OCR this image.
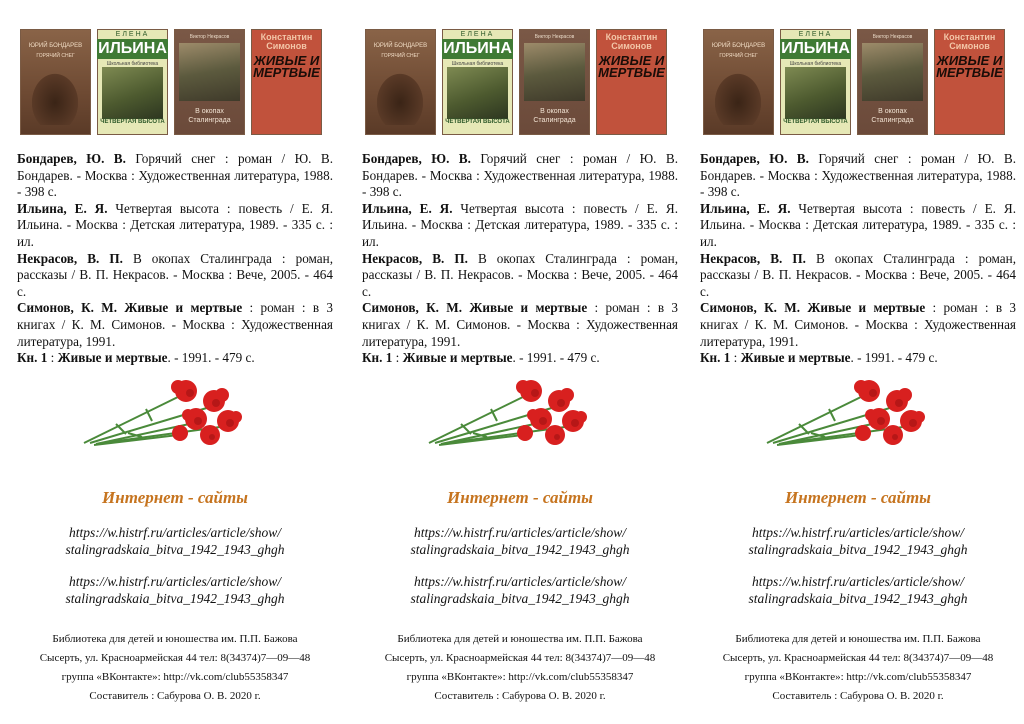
ЮРИЙ БОНДАРЕВ
ГОРЯЧИЙ СНЕГ
ЕЛЕНА
ИЛЬИНА
Школьная библиотека
ЧЕТВЕРТАЯ ВЫСОТА
Виктор Некрасов
В окопах Сталинграда
Константин Симонов
ЖИВЫЕ И МЕРТВЫЕ

Бондарев, Ю. В. Горячий снег : роман / Ю. В. Бондарев. - Москва : Художественная литература, 1988. - 398 с.

Ильина, Е. Я. Четвертая высота : повесть / Е. Я. Ильина. - Москва : Детская литература, 1989. - 335 с. : ил.

Некрасов, В. П. В окопах Сталинграда : роман, рассказы / В. П. Некрасов. - Москва : Вече, 2005. - 464 с.

Симонов, К. М. Живые и мертвые : роман : в 3 книгах / К. М. Симонов. - Москва : Художественная литература, 1991.

Кн. 1 : Живые и мертвые. - 1991. - 479 с.

Интернет - сайты
https://w.histrf.ru/articles/article/show/
stalingradskaia_bitva_1942_1943_ghgh
https://w.histrf.ru/articles/article/show/
stalingradskaia_bitva_1942_1943_ghgh
Библиотека для детей и юношества им. П.П. Бажова
Сысерть, ул. Красноармейская 44 тел: 8(34374)7—09—48
группа «ВКонтакте»: http://vk.com/club55358347
Составитель : Сабурова О. В. 2020 г.
ЮРИЙ БОНДАРЕВ
ГОРЯЧИЙ СНЕГ
ЕЛЕНА
ИЛЬИНА
Школьная библиотека
ЧЕТВЕРТАЯ ВЫСОТА
Виктор Некрасов
В окопах Сталинграда
Константин Симонов
ЖИВЫЕ И МЕРТВЫЕ

Бондарев, Ю. В. Горячий снег : роман / Ю. В. Бондарев. - Москва : Художественная литература, 1988. - 398 с.

Ильина, Е. Я. Четвертая высота : повесть / Е. Я. Ильина. - Москва : Детская литература, 1989. - 335 с. : ил.

Некрасов, В. П. В окопах Сталинграда : роман, рассказы / В. П. Некрасов. - Москва : Вече, 2005. - 464 с.

Симонов, К. М. Живые и мертвые : роман : в 3 книгах / К. М. Симонов. - Москва : Художественная литература, 1991.

Кн. 1 : Живые и мертвые. - 1991. - 479 с.

Интернет - сайты
https://w.histrf.ru/articles/article/show/
stalingradskaia_bitva_1942_1943_ghgh
https://w.histrf.ru/articles/article/show/
stalingradskaia_bitva_1942_1943_ghgh
Библиотека для детей и юношества им. П.П. Бажова
Сысерть, ул. Красноармейская 44 тел: 8(34374)7—09—48
группа «ВКонтакте»: http://vk.com/club55358347
Составитель : Сабурова О. В. 2020 г.
ЮРИЙ БОНДАРЕВ
ГОРЯЧИЙ СНЕГ
ЕЛЕНА
ИЛЬИНА
Школьная библиотека
ЧЕТВЕРТАЯ ВЫСОТА
Виктор Некрасов
В окопах Сталинграда
Константин Симонов
ЖИВЫЕ И МЕРТВЫЕ

Бондарев, Ю. В. Горячий снег : роман / Ю. В. Бондарев. - Москва : Художественная литература, 1988. - 398 с.

Ильина, Е. Я. Четвертая высота : повесть / Е. Я. Ильина. - Москва : Детская литература, 1989. - 335 с. : ил.

Некрасов, В. П. В окопах Сталинграда : роман, рассказы / В. П. Некрасов. - Москва : Вече, 2005. - 464 с.

Симонов, К. М. Живые и мертвые : роман : в 3 книгах / К. М. Симонов. - Москва : Художественная литература, 1991.

Кн. 1 : Живые и мертвые. - 1991. - 479 с.

Интернет - сайты
https://w.histrf.ru/articles/article/show/
stalingradskaia_bitva_1942_1943_ghgh
https://w.histrf.ru/articles/article/show/
stalingradskaia_bitva_1942_1943_ghgh
Библиотека для детей и юношества им. П.П. Бажова
Сысерть, ул. Красноармейская 44 тел: 8(34374)7—09—48
группа «ВКонтакте»: http://vk.com/club55358347
Составитель : Сабурова О. В. 2020 г.
